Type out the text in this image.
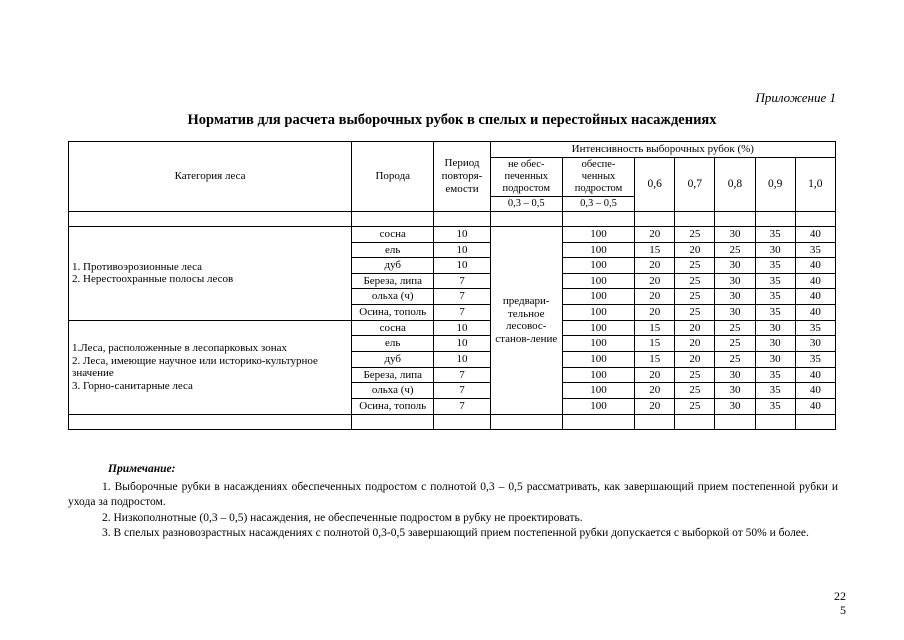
Приложение 1
Норматив для расчета выборочных рубок в спелых и перестойных насаждениях
Категория леса	Порода	Период повторя-емости	Интенсивность выборочных рубок (%)						
			не обес-печенных подростом	обеспе-ченных подростом	0,6	0,7	0,8	0,9	1,0
			0,3 – 0,5	0,3 – 0,5					

1. Противоэрозионные леса
2. Нерестоохранные полосы лесов	сосна	10	предвари-тельное лесовос-станов-ление	100	20	25	30	35	40
	ель	10		100	15	20	25	30	35
	дуб	10		100	20	25	30	35	40
	Береза, липа	7		100	20	25	30	35	40
	ольха (ч)	7		100	20	25	30	35	40
	Осина, тополь	7		100	20	25	30	35	40

1.Леса, расположенные в лесопарковых зонах
2. Леса, имеющие научное или историко-культурное значение
3. Горно-санитарные леса	сосна	10		100	15	20	25	30	35
	ель	10		100	15	20	25	30	30
	дуб	10		100	15	20	25	30	35
	Береза, липа	7		100	20	25	30	35	40
	ольха (ч)	7		100	20	25	30	35	40
	Осина, тополь	7		100	20	25	30	35	40

Примечание:
1. Выборочные рубки в насаждениях обеспеченных подростом с полнотой 0,3 – 0,5 рассматривать, как завершающий прием постепенной рубки и ухода за подростом.
2. Низкополнотные (0,3 – 0,5) насаждения, не обеспеченные подростом в рубку не проектировать.
3. В спелых разновозрастных насаждениях с полнотой 0,3-0,5 завершающий прием постепенной рубки допускается с выборкой от 50% и более.
22
5
